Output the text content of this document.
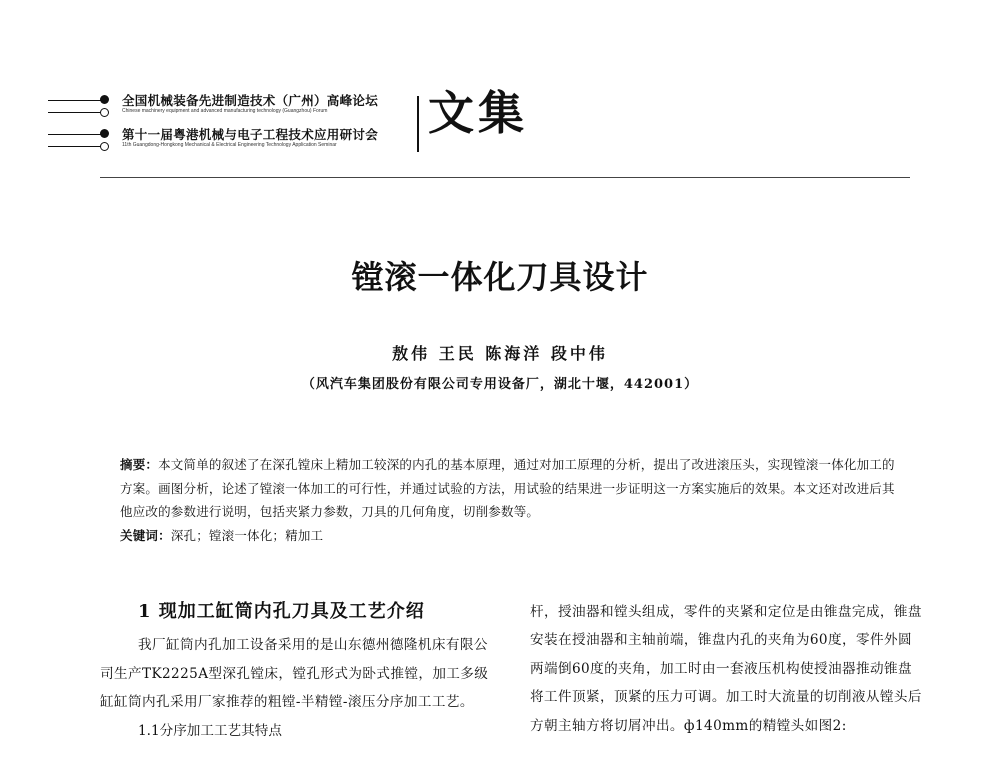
全国机械装备先进制造技术（广州）高峰论坛
Chinese machinery equipment and advanced manufacturing technology (Guangzhou) Forum
第十一届粤港机械与电子工程技术应用研讨会
11th Guangdong-Hongkong Mechanical & Electrical Engineering Technology Application Seminar
文集
镗滚一体化刀具设计
敖伟 王民 陈海洋 段中伟
（风汽车集团股份有限公司专用设备厂，湖北十堰，442001）

摘要：本文简单的叙述了在深孔镗床上精加工较深的内孔的基本原理，通过对加工原理的分析，提出了改进滚压头，实现镗滚一体化加工的方案。画图分析，论述了镗滚一体加工的可行性，并通过试验的方法，用试验的结果进一步证明这一方案实施后的效果。本文还对改进后其他应改的参数进行说明，包括夹紧力参数，刀具的几何角度，切削参数等。

关键词：深孔；镗滚一体化；精加工

1 现加工缸筒内孔刀具及工艺介绍

我厂缸筒内孔加工设备采用的是山东德州德隆机床有限公司生产TK2225A型深孔镗床，镗孔形式为卧式推镗，加工多级缸缸筒内孔采用厂家推荐的粗镗-半精镗-滚压分序加工工艺。

1.1分序加工工艺其特点

杆，授油器和镗头组成，零件的夹紧和定位是由锥盘完成，锥盘安装在授油器和主轴前端，锥盘内孔的夹角为60度，零件外圆两端倒60度的夹角，加工时由一套液压机构使授油器推动锥盘将工件顶紧，顶紧的压力可调。加工时大流量的切削液从镗头后方朝主轴方将切屑冲出。ф140mm的精镗头如图2:
